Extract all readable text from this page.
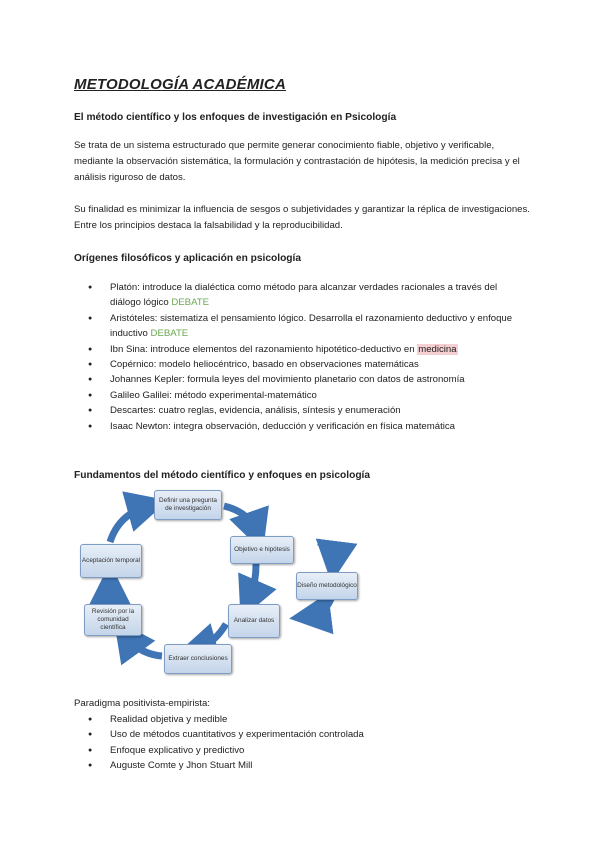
METODOLOGÍA ACADÉMICA
El método científico y los enfoques de investigación en Psicología
Se trata de un sistema estructurado que permite generar conocimiento fiable, objetivo y verificable, mediante la observación sistemática, la formulación y contrastación de hipótesis, la medición precisa y el análisis riguroso de datos.
Su finalidad es minimizar la influencia de sesgos o subjetividades y garantizar la réplica de investigaciones. Entre los principios destaca la falsabilidad y la reproducibilidad.
Orígenes filosóficos y aplicación en psicología
● Platón: introduce la dialéctica como método para alcanzar verdades racionales a través del diálogo lógico DEBATE
● Aristóteles: sistematiza el pensamiento lógico. Desarrolla el razonamiento deductivo y enfoque inductivo DEBATE
● Ibn Sina: introduce elementos del razonamiento hipotético-deductivo en medicina
● Copérnico: modelo heliocéntrico, basado en observaciones matemáticas
● Johannes Kepler: formula leyes del movimiento planetario con datos de astronomía
● Galileo Galilei: método experimental-matemático
● Descartes: cuatro reglas, evidencia, análisis, síntesis y enumeración
● Isaac Newton: integra observación, deducción y verificación en física matemática
Fundamentos del método científico y enfoques en psicología
Definir una pregunta de investigación
Objetivo e hipótesis
Diseño metodológico
Analizar datos
Extraer conclusiones
Revisión por la comunidad científica
Aceptación temporal
Paradigma positivista-empirista:
● Realidad objetiva y medible
● Uso de métodos cuantitativos y experimentación controlada
● Enfoque explicativo y predictivo
● Auguste Comte y Jhon Stuart Mill
